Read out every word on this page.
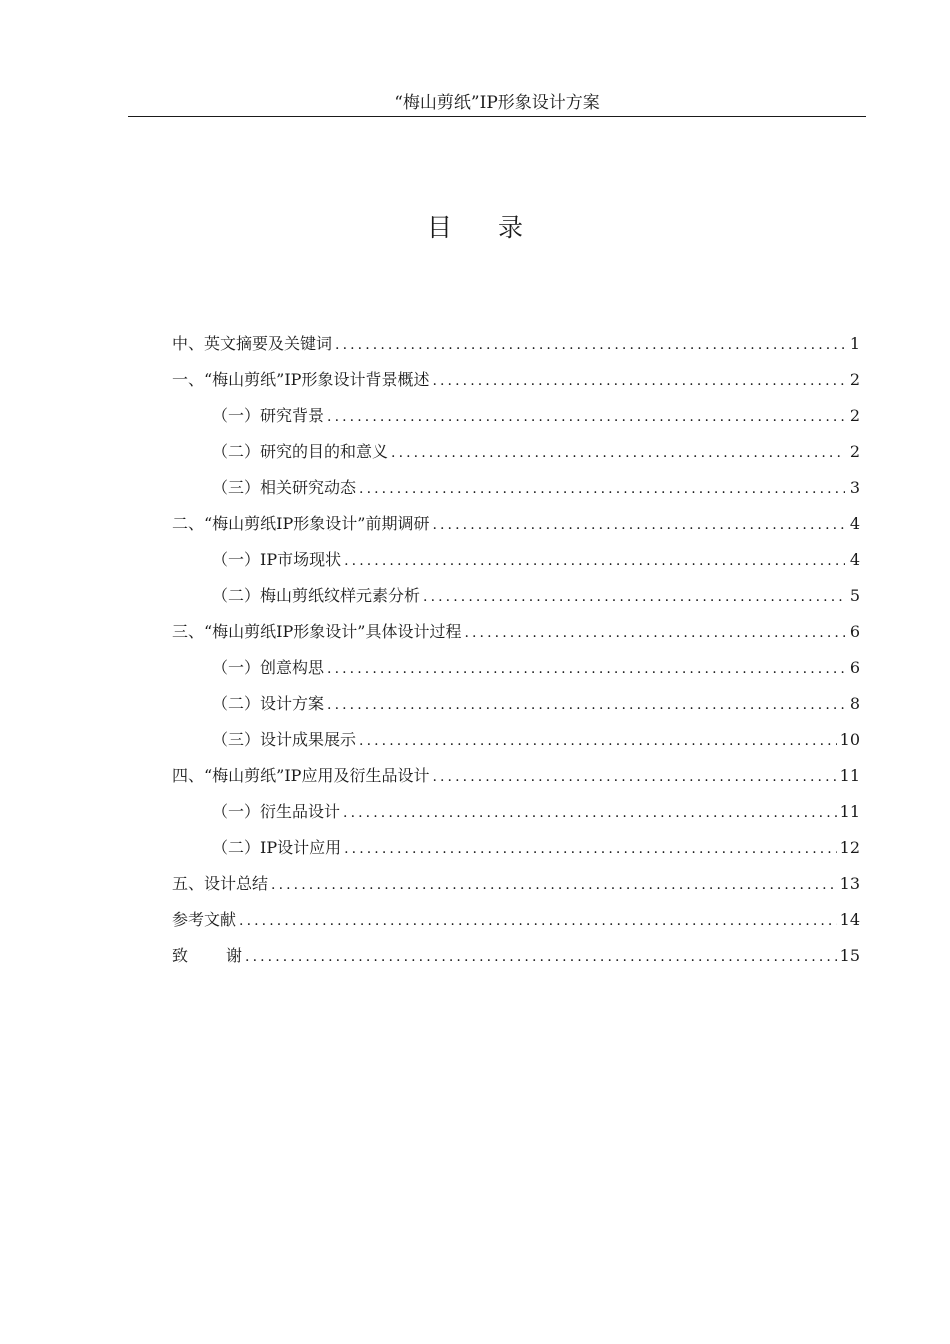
“梅山剪纸”IP形象设计方案
目 录
中、英文摘要及关键词 .....	1
一、“梅山剪纸”IP形象设计背景概述 .....	2
（一）研究背景 .....	2
（二）研究的目的和意义 .....	2
（三）相关研究动态 .....	3
二、“梅山剪纸IP形象设计”前期调研 .....	4
（一）IP市场现状 .....	4
（二）梅山剪纸纹样元素分析 .....	5
三、“梅山剪纸IP形象设计”具体设计过程 .....	6
（一）创意构思 .....	6
（二）设计方案 .....	8
（三）设计成果展示 .....	10
四、“梅山剪纸”IP应用及衍生品设计 .....	11
（一）衍生品设计 .....	11
（二）IP设计应用 .....	12
五、设计总结 .....	13
参考文献 .....	14
致 谢 .....	15
